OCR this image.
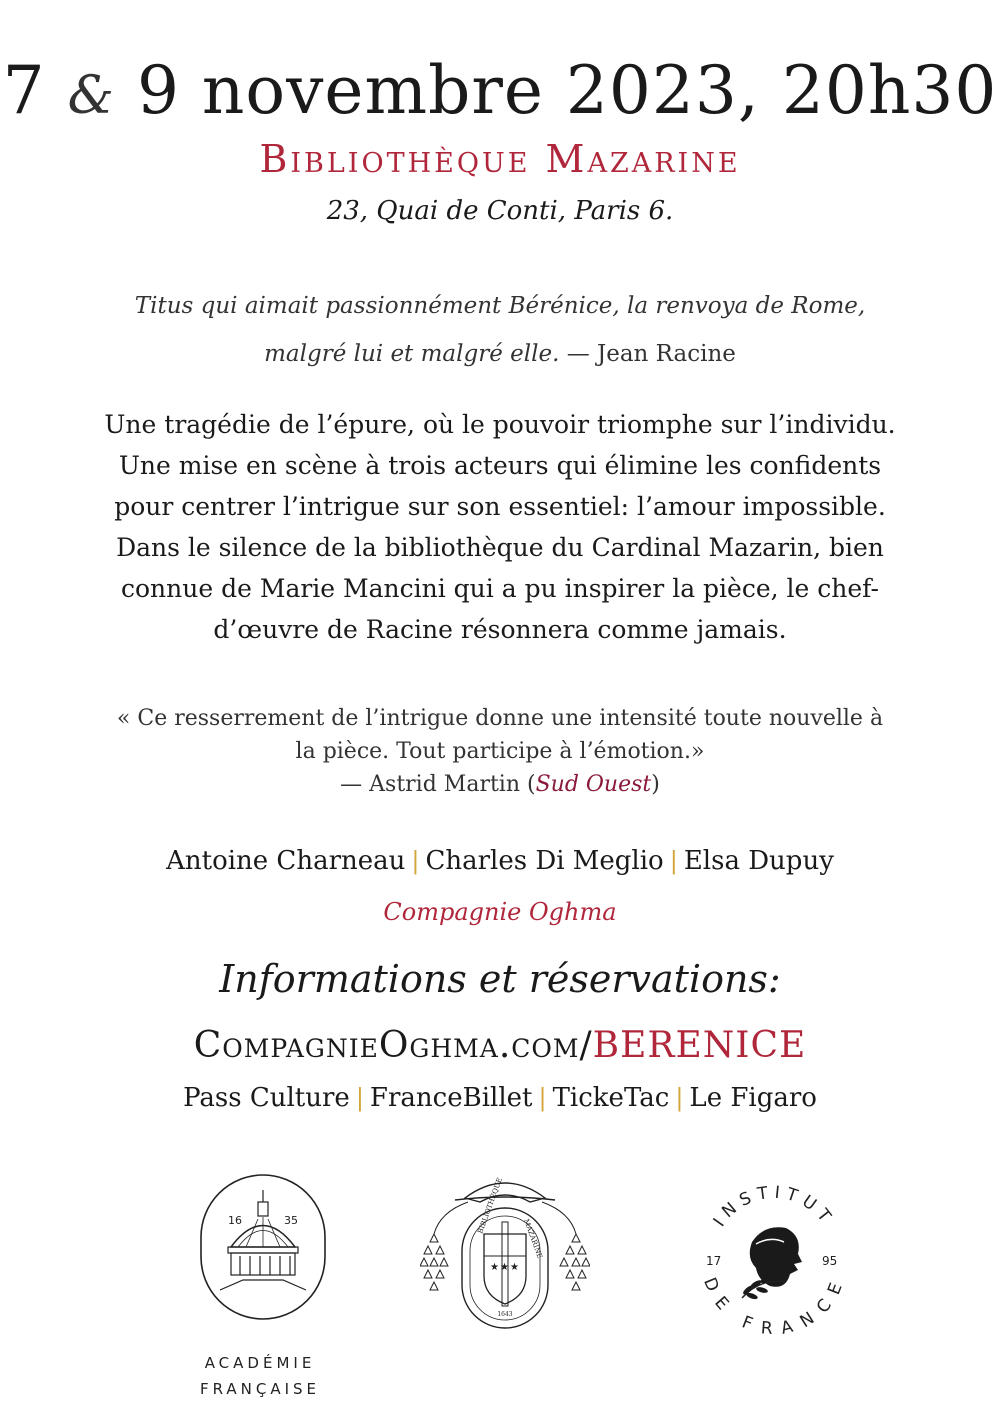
7 & 9 novembre 2023, 20h30
Bibliothèque Mazarine
23, Quai de Conti, Paris 6.
Titus qui aimait passionnément Bérénice, la renvoya de Rome,
malgré lui et malgré elle. — Jean Racine
Une tragédie de l’épure, où le pouvoir triomphe sur l’individu.
Une mise en scène à trois acteurs qui élimine les confidents
pour centrer l’intrigue sur son essentiel: l’amour impossible.
Dans le silence de la bibliothèque du Cardinal Mazarin, bien
connue de Marie Mancini qui a pu inspirer la pièce, le chef-
d’œuvre de Racine résonnera comme jamais.
« Ce resserrement de l’intrigue donne une intensité toute nouvelle à
la pièce. Tout participe à l’émotion.»
— Astrid Martin (Sud Ouest)
Antoine Charneau | Charles Di Meglio | Elsa Dupuy
Compagnie Oghma
Informations et réservations:
CompagnieOghma.com/BERENICE
Pass Culture | FranceBillet | TickeTac | Le Figaro
16	35
ACADÉMIE
FRANÇAISE
BIBLIOTHÈQUE
MAZARINE
★ ★ ★
1643
INSTITUT
DE FRANCE
17	95
